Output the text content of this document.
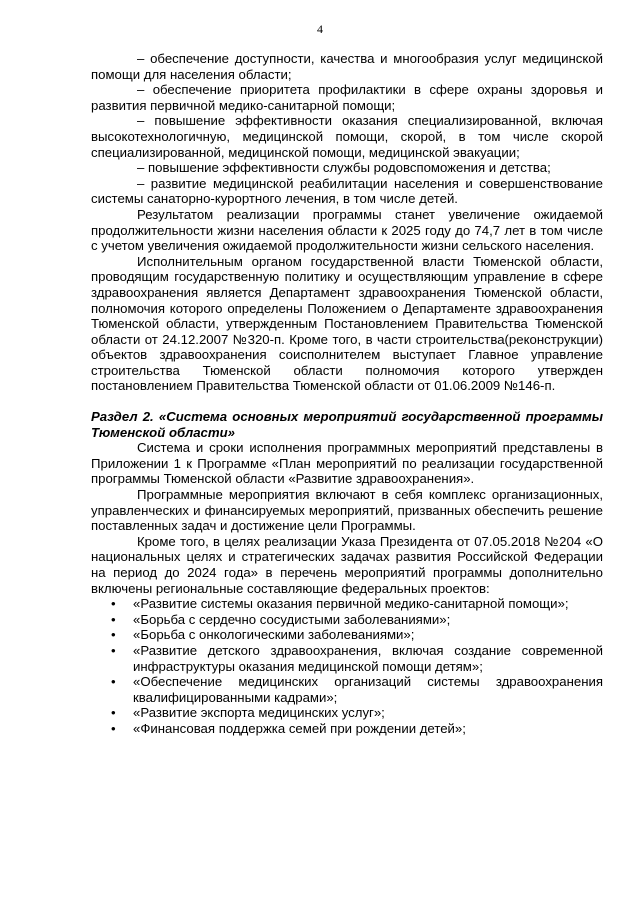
4

– обеспечение доступности, качества и многообразия услуг медицинской помощи для населения области;

– обеспечение приоритета профилактики в сфере охраны здоровья и развития первичной медико-санитарной помощи;

– повышение эффективности оказания специализированной, включая высокотехнологичную, медицинской помощи, скорой, в том числе скорой специализированной, медицинской помощи, медицинской эвакуации;

– повышение эффективности службы родовспоможения и детства;

– развитие медицинской реабилитации населения и совершенствование системы санаторно-курортного лечения, в том числе детей.

Результатом реализации программы станет увеличение ожидаемой продолжительности жизни населения области к 2025 году до 74,7 лет в том числе с учетом увеличения ожидаемой продолжительности жизни сельского населения.

Исполнительным органом государственной власти Тюменской области, проводящим государственную политику и осуществляющим управление в сфере здравоохранения является Департамент здравоохранения Тюменской области, полномочия которого определены Положением о Департаменте здравоохранения Тюменской области, утвержденным Постановлением Правительства Тюменской области от 24.12.2007 №320-п. Кроме того, в части строительства(реконструкции) объектов здравоохранения соисполнителем выступает Главное управление строительства Тюменской области полномочия которого утвержден постановлением Правительства Тюменской области от 01.06.2009 №146-п.

Раздел 2. «Система основных мероприятий государственной программы Тюменской области»

Система и сроки исполнения программных мероприятий представлены в Приложении 1 к Программе «План мероприятий по реализации государственной программы Тюменской области «Развитие здравоохранения».

Программные мероприятия включают в себя комплекс организационных, управленческих и финансируемых мероприятий, призванных обеспечить решение поставленных задач и достижение цели Программы.

Кроме того, в целях реализации Указа Президента от 07.05.2018 №204 «О национальных целях и стратегических задачах развития Российской Федерации на период до 2024 года» в перечень мероприятий программы дополнительно включены региональные составляющие федеральных проектов:

• «Развитие системы оказания первичной медико-санитарной помощи»;
• «Борьба с сердечно сосудистыми заболеваниями»;
• «Борьба с онкологическими заболеваниями»;
• «Развитие детского здравоохранения, включая создание современной инфраструктуры оказания медицинской помощи детям»;
• «Обеспечение медицинских организаций системы здравоохранения квалифицированными кадрами»;
• «Развитие экспорта медицинских услуг»;
• «Финансовая поддержка семей при рождении детей»;
